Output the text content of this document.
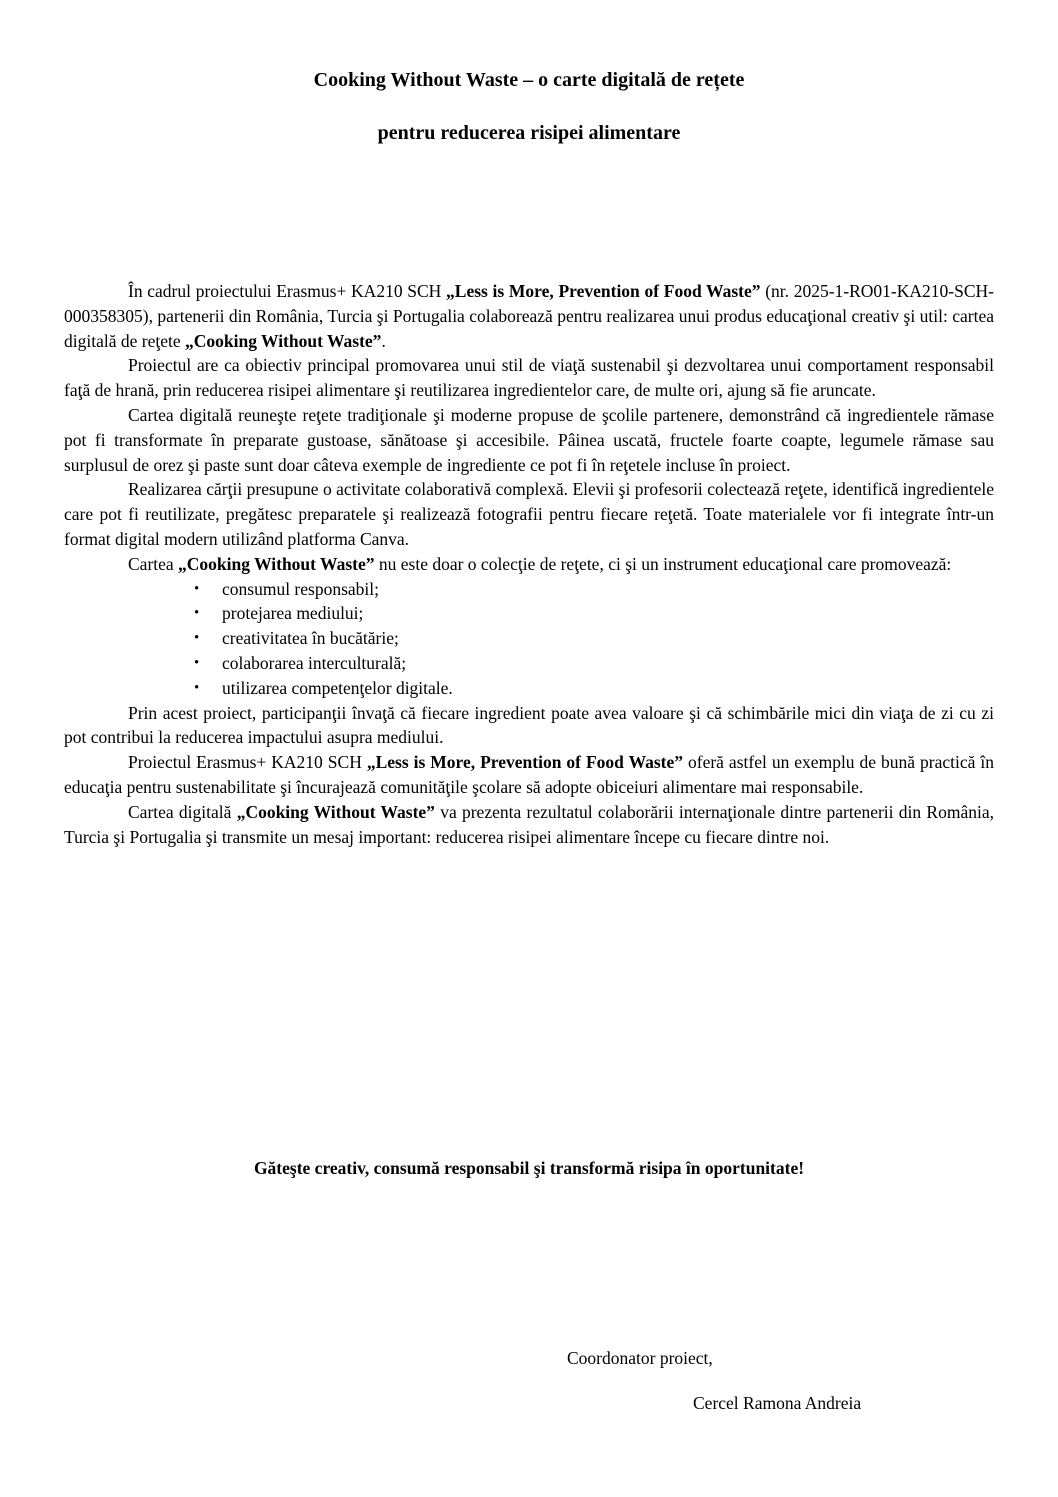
Cooking Without Waste – o carte digitală de rețete
pentru reducerea risipei alimentare

În cadrul proiectului Erasmus+ KA210 SCH „Less is More, Prevention of Food Waste” (nr. 2025-1-RO01-KA210-SCH-000358305), partenerii din România, Turcia şi Portugalia colaborează pentru realizarea unui produs educaţional creativ şi util: cartea digitală de reţete „Cooking Without Waste”.

Proiectul are ca obiectiv principal promovarea unui stil de viaţă sustenabil şi dezvoltarea unui comportament responsabil faţă de hrană, prin reducerea risipei alimentare şi reutilizarea ingredientelor care, de multe ori, ajung să fie aruncate.

Cartea digitală reuneşte reţete tradiţionale şi moderne propuse de şcolile partenere, demonstrând că ingredientele rămase pot fi transformate în preparate gustoase, sănătoase şi accesibile. Pâinea uscată, fructele foarte coapte, legumele rămase sau surplusul de orez şi paste sunt doar câteva exemple de ingrediente ce pot fi în reţetele incluse în proiect.

Realizarea cărţii presupune o activitate colaborativă complexă. Elevii şi profesorii colectează reţete, identifică ingredientele care pot fi reutilizate, pregătesc preparatele şi realizează fotografii pentru fiecare reţetă. Toate materialele vor fi integrate într-un format digital modern utilizând platforma Canva.

Cartea „Cooking Without Waste” nu este doar o colecţie de reţete, ci şi un instrument educaţional care promovează:

• consumul responsabil;
• protejarea mediului;
• creativitatea în bucătărie;
• colaborarea interculturală;
• utilizarea competenţelor digitale.

Prin acest proiect, participanţii învaţă că fiecare ingredient poate avea valoare şi că schimbările mici din viaţa de zi cu zi pot contribui la reducerea impactului asupra mediului.

Proiectul Erasmus+ KA210 SCH „Less is More, Prevention of Food Waste” oferă astfel un exemplu de bună practică în educaţia pentru sustenabilitate şi încurajează comunităţile şcolare să adopte obiceiuri alimentare mai responsabile.

Cartea digitală „Cooking Without Waste” va prezenta rezultatul colaborării internaţionale dintre partenerii din România, Turcia şi Portugalia şi transmite un mesaj important: reducerea risipei alimentare începe cu fiecare dintre noi.

Găteşte creativ, consumă responsabil şi transformă risipa în oportunitate!
Coordonator proiect,
Cercel Ramona Andreia
